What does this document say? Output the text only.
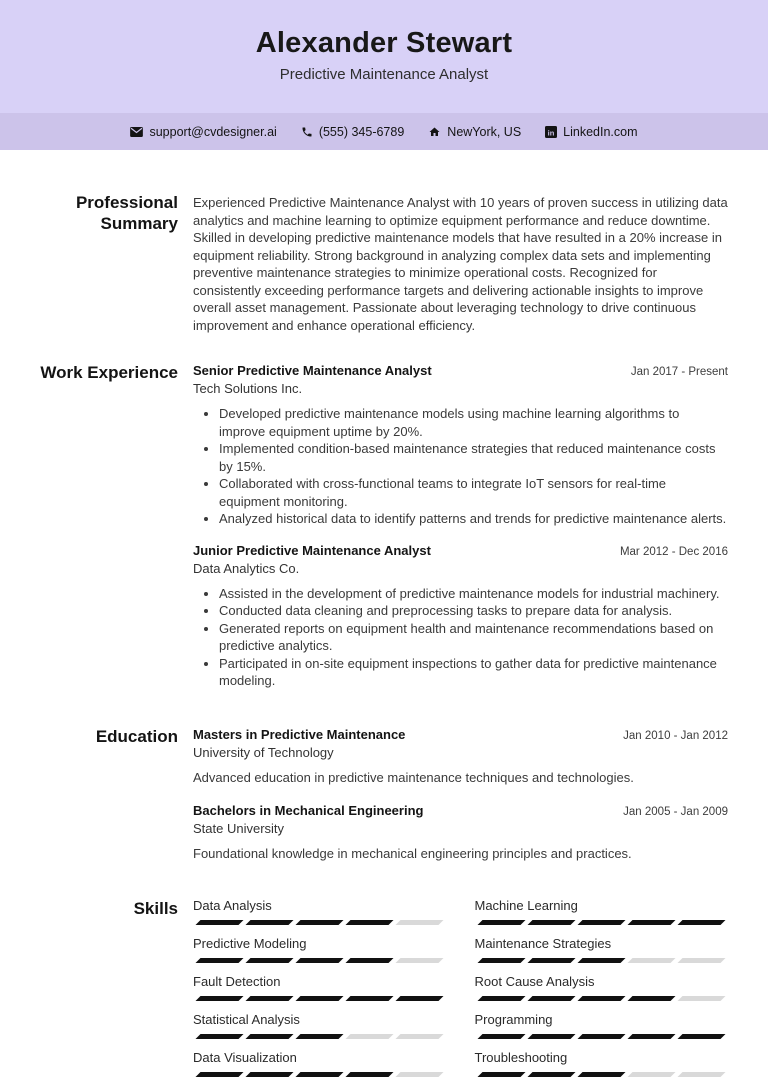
Alexander Stewart
Predictive Maintenance Analyst
support@cvdesigner.ai	(555) 345-6789	NewYork, US	in LinkedIn.com
Professional Summary
Experienced Predictive Maintenance Analyst with 10 years of proven success in utilizing data analytics and machine learning to optimize equipment performance and reduce downtime. Skilled in developing predictive maintenance models that have resulted in a 20% increase in equipment reliability. Strong background in analyzing complex data sets and implementing preventive maintenance strategies to minimize operational costs. Recognized for consistently exceeding performance targets and delivering actionable insights to improve overall asset management. Passionate about leveraging technology to drive continuous improvement and enhance operational efficiency.
Work Experience Senior Predictive Maintenance Analyst	Jan 2017 - Present
Tech Solutions Inc.
• Developed predictive maintenance models using machine learning algorithms to improve equipment uptime by 20%.
• Implemented condition-based maintenance strategies that reduced maintenance costs by 15%.
• Collaborated with cross-functional teams to integrate IoT sensors for real-time equipment monitoring.
• Analyzed historical data to identify patterns and trends for predictive maintenance alerts.
Junior Predictive Maintenance Analyst	Mar 2012 - Dec 2016
Data Analytics Co.
• Assisted in the development of predictive maintenance models for industrial machinery.
• Conducted data cleaning and preprocessing tasks to prepare data for analysis.
• Generated reports on equipment health and maintenance recommendations based on predictive analytics.
• Participated in on-site equipment inspections to gather data for predictive maintenance modeling.
Education Masters in Predictive Maintenance	Jan 2010 - Jan 2012
University of Technology
Advanced education in predictive maintenance techniques and technologies.
Bachelors in Mechanical Engineering	Jan 2005 - Jan 2009
State University
Foundational knowledge in mechanical engineering principles and practices.
Skills Data Analysis
Predictive Modeling
Fault Detection
Statistical Analysis
Data Visualization
Machine Learning
Maintenance Strategies
Root Cause Analysis
Programming
Troubleshooting
